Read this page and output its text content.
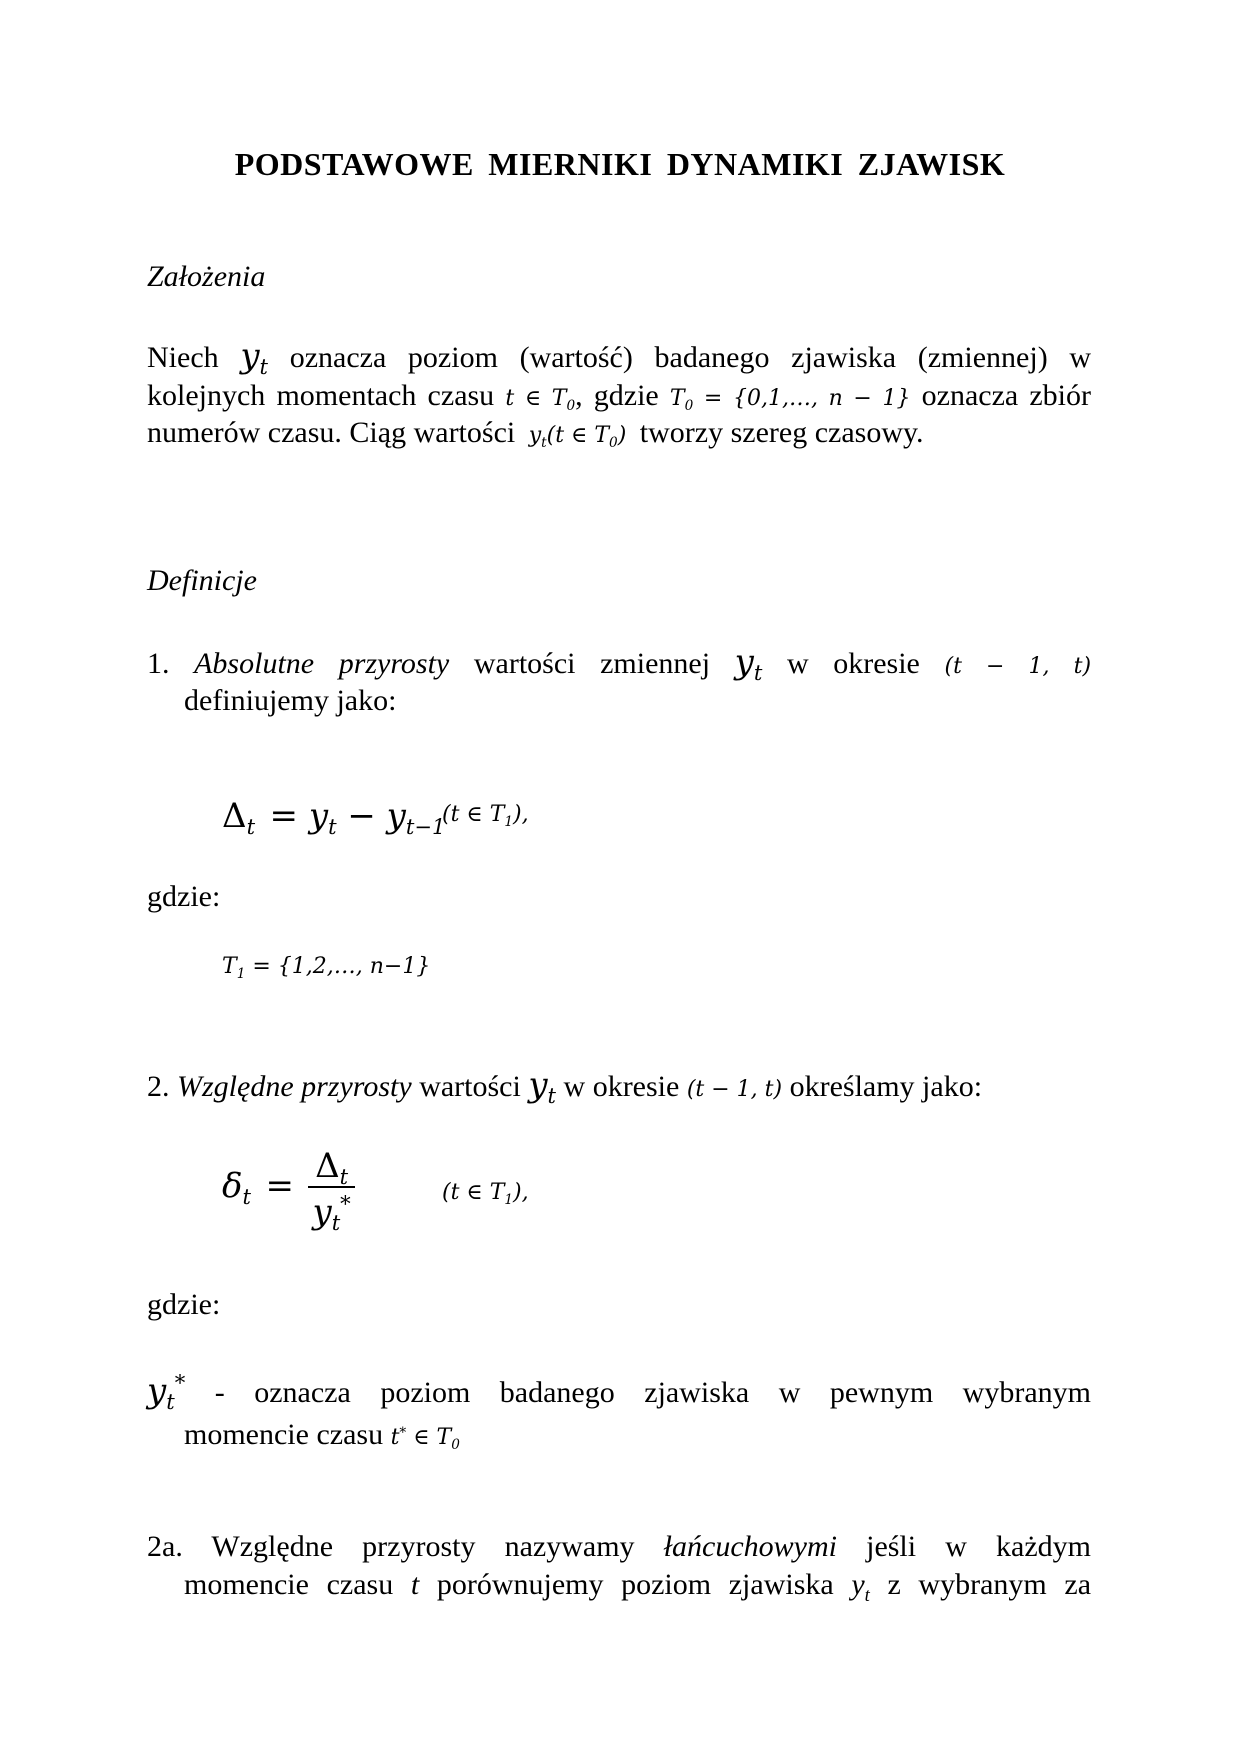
PODSTAWOWE MIERNIKI DYNAMIKI ZJAWISK
Założenia
Niech $y_t$ oznacza poziom (wartość) badanego zjawiska (zmiennej) w
kolejnych momentach czasu t ∈ $T_0$, gdzie $T_0$ = {0,1,…, n − 1} oznacza zbiór
numerów czasu. Ciąg wartości $y_t(t$ ∈ $T_0$) tworzy szereg czasowy.
Definicje
1. Absolutne przyrosty wartości zmiennej $y_t$ w okresie (t − 1, t)
definiujemy jako:
$\Delta_t = y_t - y_{t-1}$
(t ∈ $T_1$),
gdzie:
$T_1$ = {1,2,…, n−1}
2. Względne przyrosty wartości $y_t$ w okresie (t − 1, t) określamy jako:
$\delta_t = \frac{\Delta_t}{y_t^*}$	(t ∈ $T_1$),
gdzie:
$y_t^*$ - oznacza poziom badanego zjawiska w pewnym wybranym
momencie czasu t* ∈ $T_0$
2a. Względne przyrosty nazywamy łańcuchowymi jeśli w każdym
momencie czasu t porównujemy poziom zjawiska $y_t$ z wybranym za
